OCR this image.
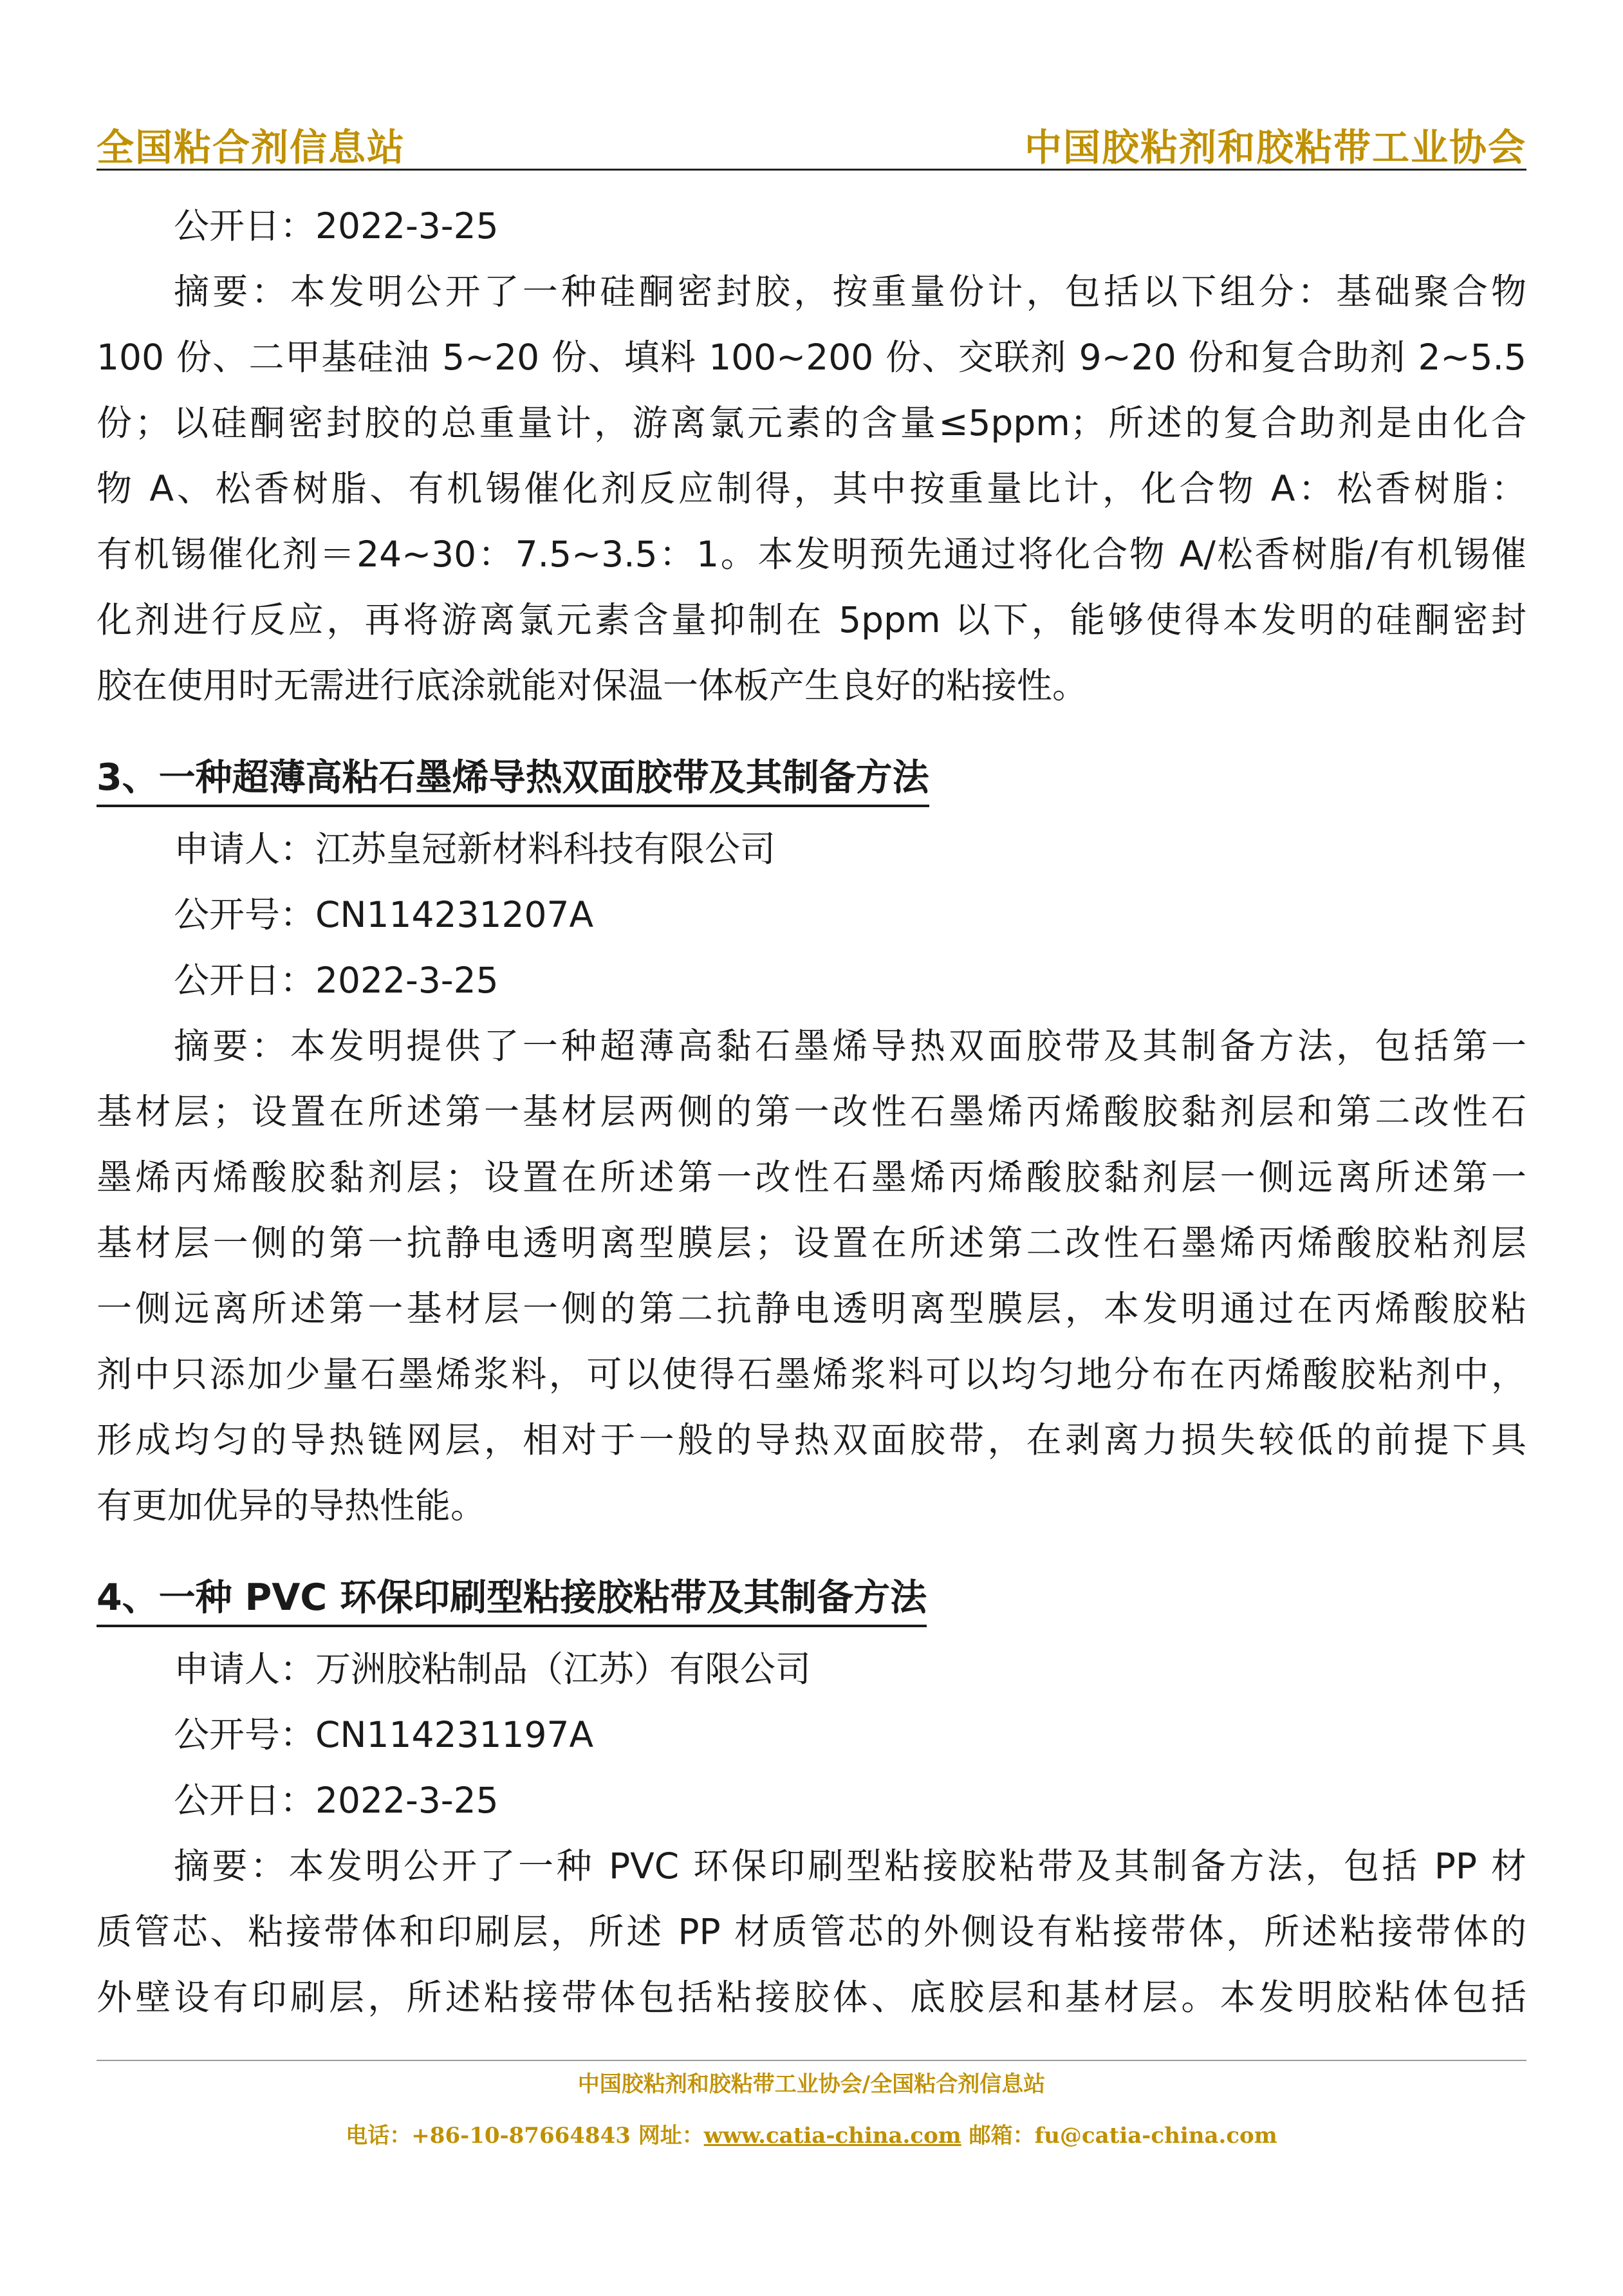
全国粘合剂信息站	中国胶粘剂和胶粘带工业协会
公开日：2022-3-25
摘要：本发明公开了一种硅酮密封胶，按重量份计，包括以下组分：基础聚合物
100 份、二甲基硅油 5~20 份、填料 100~200 份、交联剂 9~20 份和复合助剂 2~5.5
份；以硅酮密封胶的总重量计，游离氯元素的含量≤5ppm；所述的复合助剂是由化合
物 A、松香树脂、有机锡催化剂反应制得，其中按重量比计，化合物 A：松香树脂：
有机锡催化剂＝24~30：7.5~3.5：1。本发明预先通过将化合物 A/松香树脂/有机锡催
化剂进行反应，再将游离氯元素含量抑制在 5ppm 以下，能够使得本发明的硅酮密封
胶在使用时无需进行底涂就能对保温一体板产生良好的粘接性。
3、一种超薄高粘石墨烯导热双面胶带及其制备方法
申请人：江苏皇冠新材料科技有限公司
公开号：CN114231207A
公开日：2022-3-25
摘要：本发明提供了一种超薄高黏石墨烯导热双面胶带及其制备方法，包括第一
基材层；设置在所述第一基材层两侧的第一改性石墨烯丙烯酸胶黏剂层和第二改性石
墨烯丙烯酸胶黏剂层；设置在所述第一改性石墨烯丙烯酸胶黏剂层一侧远离所述第一
基材层一侧的第一抗静电透明离型膜层；设置在所述第二改性石墨烯丙烯酸胶粘剂层
一侧远离所述第一基材层一侧的第二抗静电透明离型膜层，本发明通过在丙烯酸胶粘
剂中只添加少量石墨烯浆料，可以使得石墨烯浆料可以均匀地分布在丙烯酸胶粘剂中，
形成均匀的导热链网层，相对于一般的导热双面胶带，在剥离力损失较低的前提下具
有更加优异的导热性能。
4、一种 PVC 环保印刷型粘接胶粘带及其制备方法
申请人：万洲胶粘制品（江苏）有限公司
公开号：CN114231197A
公开日：2022-3-25
摘要：本发明公开了一种 PVC 环保印刷型粘接胶粘带及其制备方法，包括 PP 材
质管芯、粘接带体和印刷层，所述 PP 材质管芯的外侧设有粘接带体，所述粘接带体的
外壁设有印刷层，所述粘接带体包括粘接胶体、底胶层和基材层。本发明胶粘体包括
中国胶粘剂和胶粘带工业协会/全国粘合剂信息站
电话：+86-10-87664843 网址：www.catia-china.com 邮箱：fu@catia-china.com
